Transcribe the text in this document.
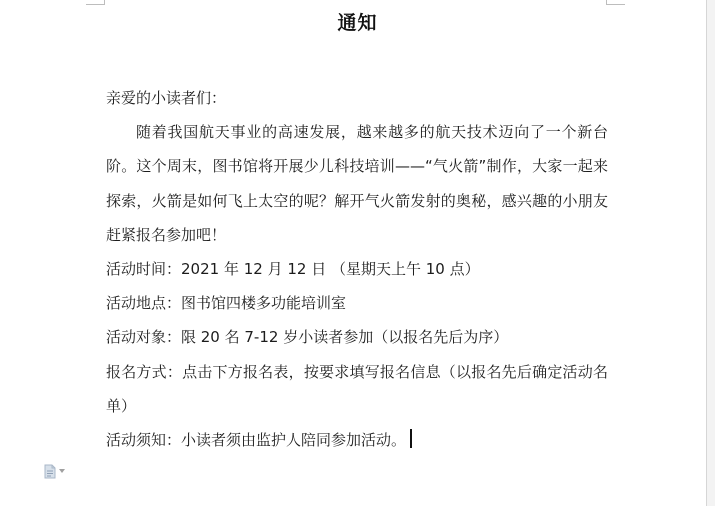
通知

亲爱的小读者们：

随着我国航天事业的高速发展，越来越多的航天技术迈向了一个新台阶。这个周末，图书馆将开展少儿科技培训——“气火箭”制作，大家一起来探索，火箭是如何飞上太空的呢？解开气火箭发射的奥秘，感兴趣的小朋友赶紧报名参加吧！

活动时间：2021 年 12 月 12 日 （星期天上午 10 点）

活动地点：图书馆四楼多功能培训室

活动对象：限 20 名 7-12 岁小读者参加（以报名先后为序）

报名方式：点击下方报名表，按要求填写报名信息（以报名先后确定活动名单）

活动须知：小读者须由监护人陪同参加活动。
